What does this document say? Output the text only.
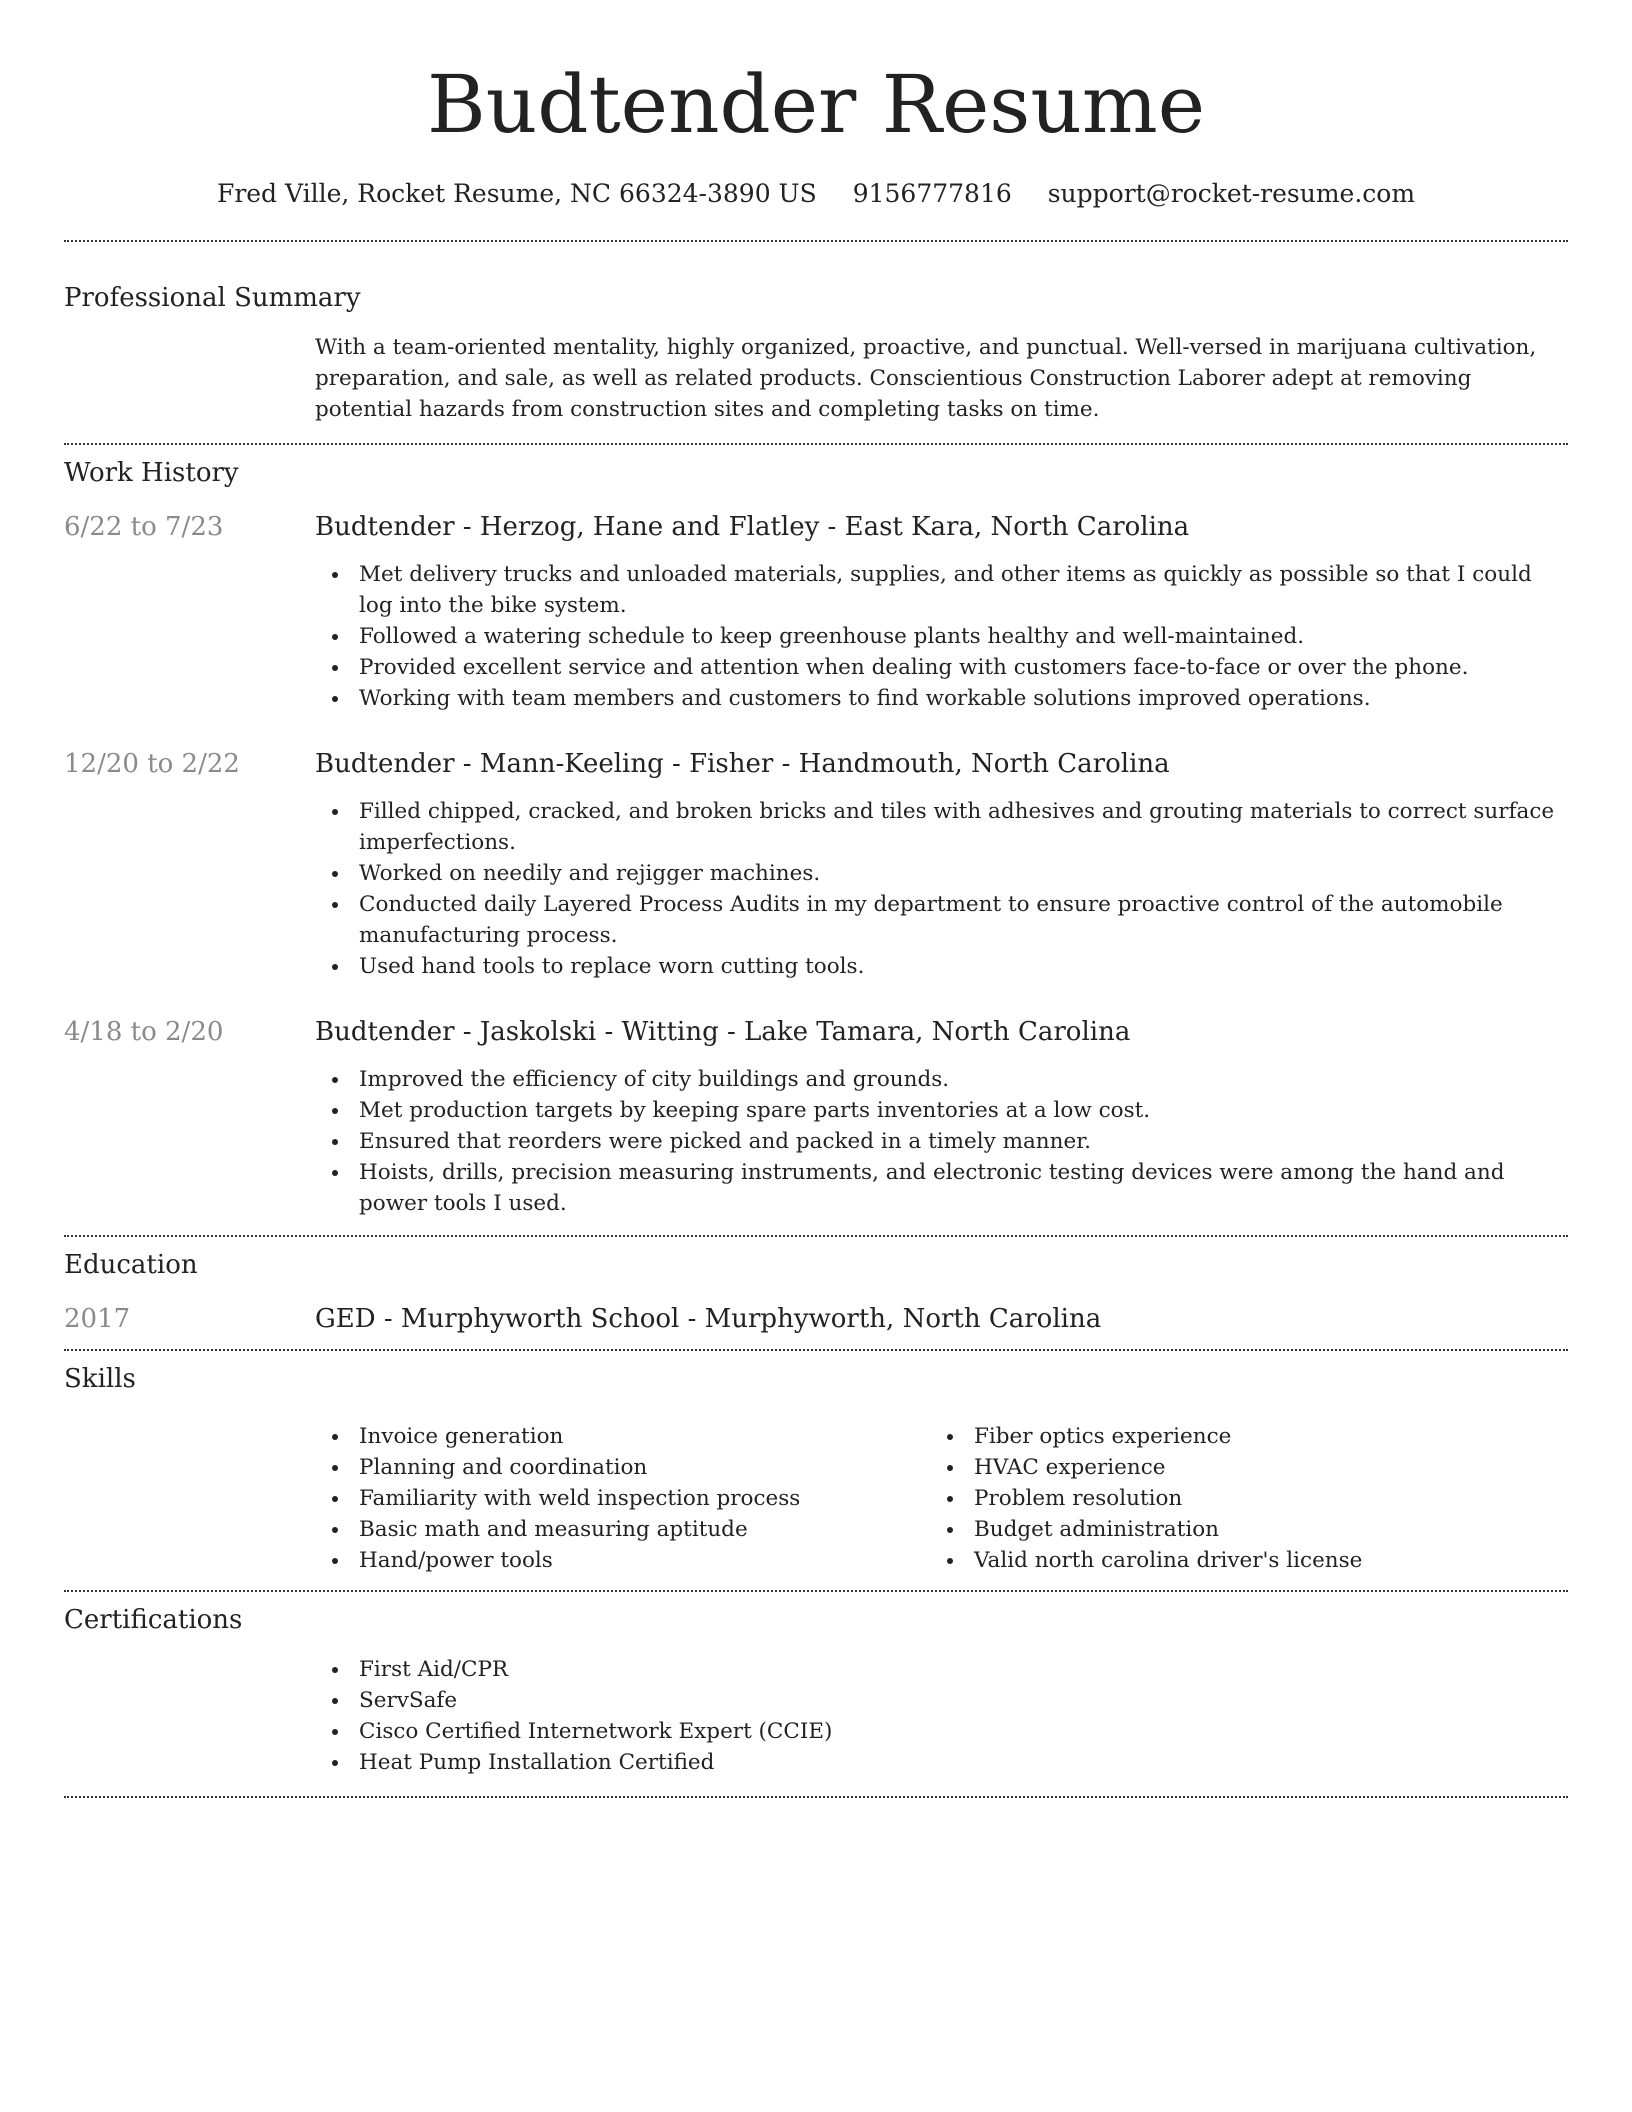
Budtender Resume
Fred Ville, Rocket Resume, NC 66324-3890 US 9156777816 support@rocket-resume.com
Professional Summary
With a team-oriented mentality, highly organized, proactive, and punctual. Well-versed in marijuana cultivation, preparation, and sale, as well as related products. Conscientious Construction Laborer adept at removing potential hazards from construction sites and completing tasks on time.
Work History
6/22 to 7/23	Budtender - Herzog, Hane and Flatley - East Kara, North Carolina
Met delivery trucks and unloaded materials, supplies, and other items as quickly as possible so that I could log into the bike system.
Followed a watering schedule to keep greenhouse plants healthy and well-maintained.
Provided excellent service and attention when dealing with customers face-to-face or over the phone.
Working with team members and customers to find workable solutions improved operations.
12/20 to 2/22	Budtender - Mann-Keeling - Fisher - Handmouth, North Carolina
Filled chipped, cracked, and broken bricks and tiles with adhesives and grouting materials to correct surface imperfections.
Worked on needily and rejigger machines.
Conducted daily Layered Process Audits in my department to ensure proactive control of the automobile manufacturing process.
Used hand tools to replace worn cutting tools.
4/18 to 2/20	Budtender - Jaskolski - Witting - Lake Tamara, North Carolina
Improved the efficiency of city buildings and grounds.
Met production targets by keeping spare parts inventories at a low cost.
Ensured that reorders were picked and packed in a timely manner.
Hoists, drills, precision measuring instruments, and electronic testing devices were among the hand and power tools I used.
Education
2017	GED - Murphyworth School - Murphyworth, North Carolina
Skills
Invoice generation
Planning and coordination
Familiarity with weld inspection process
Basic math and measuring aptitude
Hand/power tools
Fiber optics experience
HVAC experience
Problem resolution
Budget administration
Valid north carolina driver's license
Certifications
First Aid/CPR
ServSafe
Cisco Certified Internetwork Expert (CCIE)
Heat Pump Installation Certified
